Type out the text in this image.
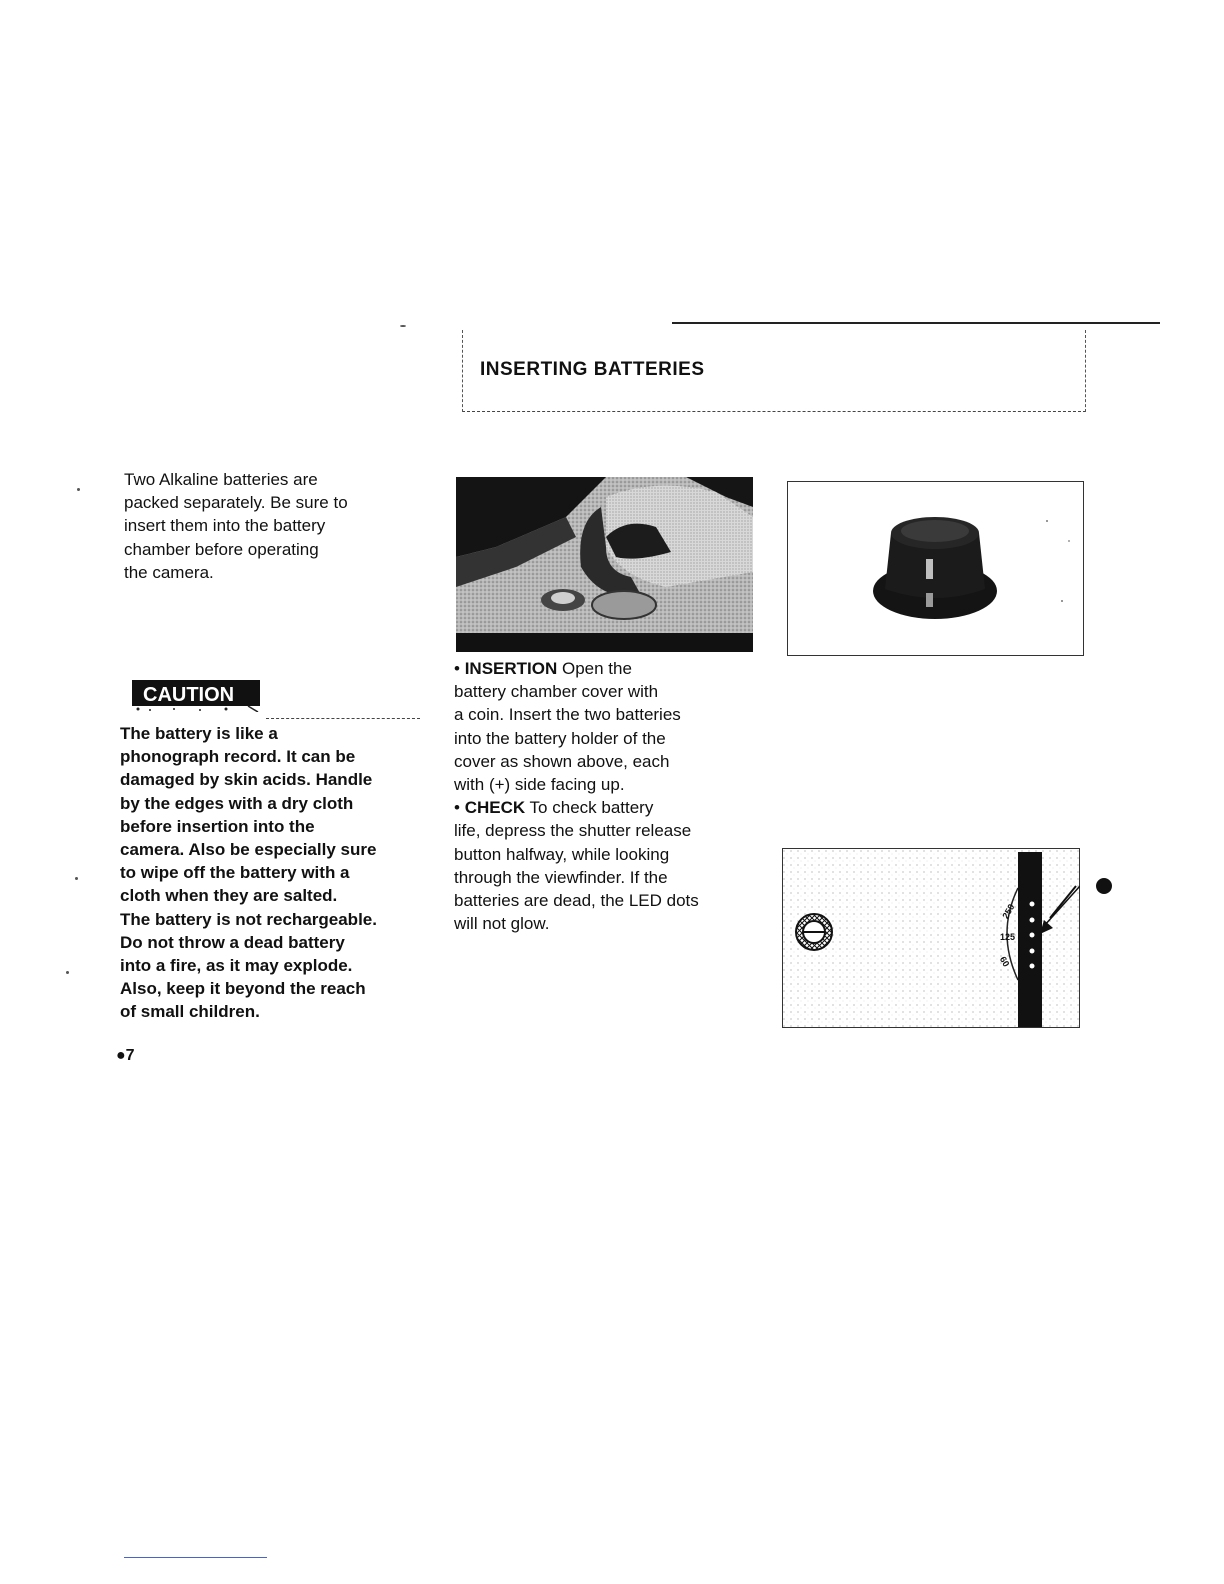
INSERTING BATTERIES
Two Alkaline batteries are
packed separately. Be sure to
insert them into the battery
chamber before operating
the camera.
CAUTION
The battery is like a
phonograph record. It can be
damaged by skin acids. Handle
by the edges with a dry cloth
before insertion into the
camera. Also be especially sure
to wipe off the battery with a
cloth when they are salted.
The battery is not rechargeable.
Do not throw a dead battery
into a fire, as it may explode.
Also, keep it beyond the reach
of small children.
• INSERTION Open the
battery chamber cover with
a coin. Insert the two batteries
into the battery holder of the
cover as shown above, each
with (+) side facing up.
• CHECK To check battery
life, depress the shutter release
button halfway, while looking
through the viewfinder. If the
batteries are dead, the LED dots
will not glow.
250
125
60
●7
